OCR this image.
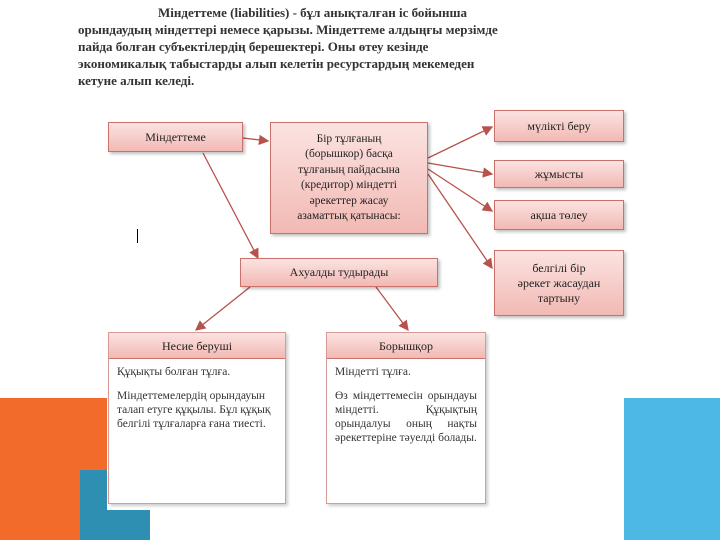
Міндеттеме (liabilities) - бұл анықталған іс бойынша
орындаудың міндеттері немесе қарызы. Міндеттеме алдыңғы мерзімде
пайда болған субъектілердің берешектері. Оны өтеу кезінде
экономикалық табыстарды алып келетін ресурстардың мекемеден
кетуне алып келеді.
Міндеттеме	Бір тұлғаның
(борышкор) басқа
тұлғаның пайдасына
(кредитор) міндетті
әрекеттер жасау
азаматтық қатынасы:
мүлікті беру
жұмысты
ақша төлеу
белгілі бір
әрекет жасаудан
тартыну
Ахуалды тудырады
Несие беруші

Құқықты болған тұлға.

Міндеттемелердің орындауын талап етуге құқылы. Бұл құқық белгілі тұлғаларға ғана тиесті.

Борышқор

Міндетті тұлға.

Өз міндеттемесін орындауы міндетті. Құқықтың орындалуы оның нақты әрекеттеріне тәуелді болады.
